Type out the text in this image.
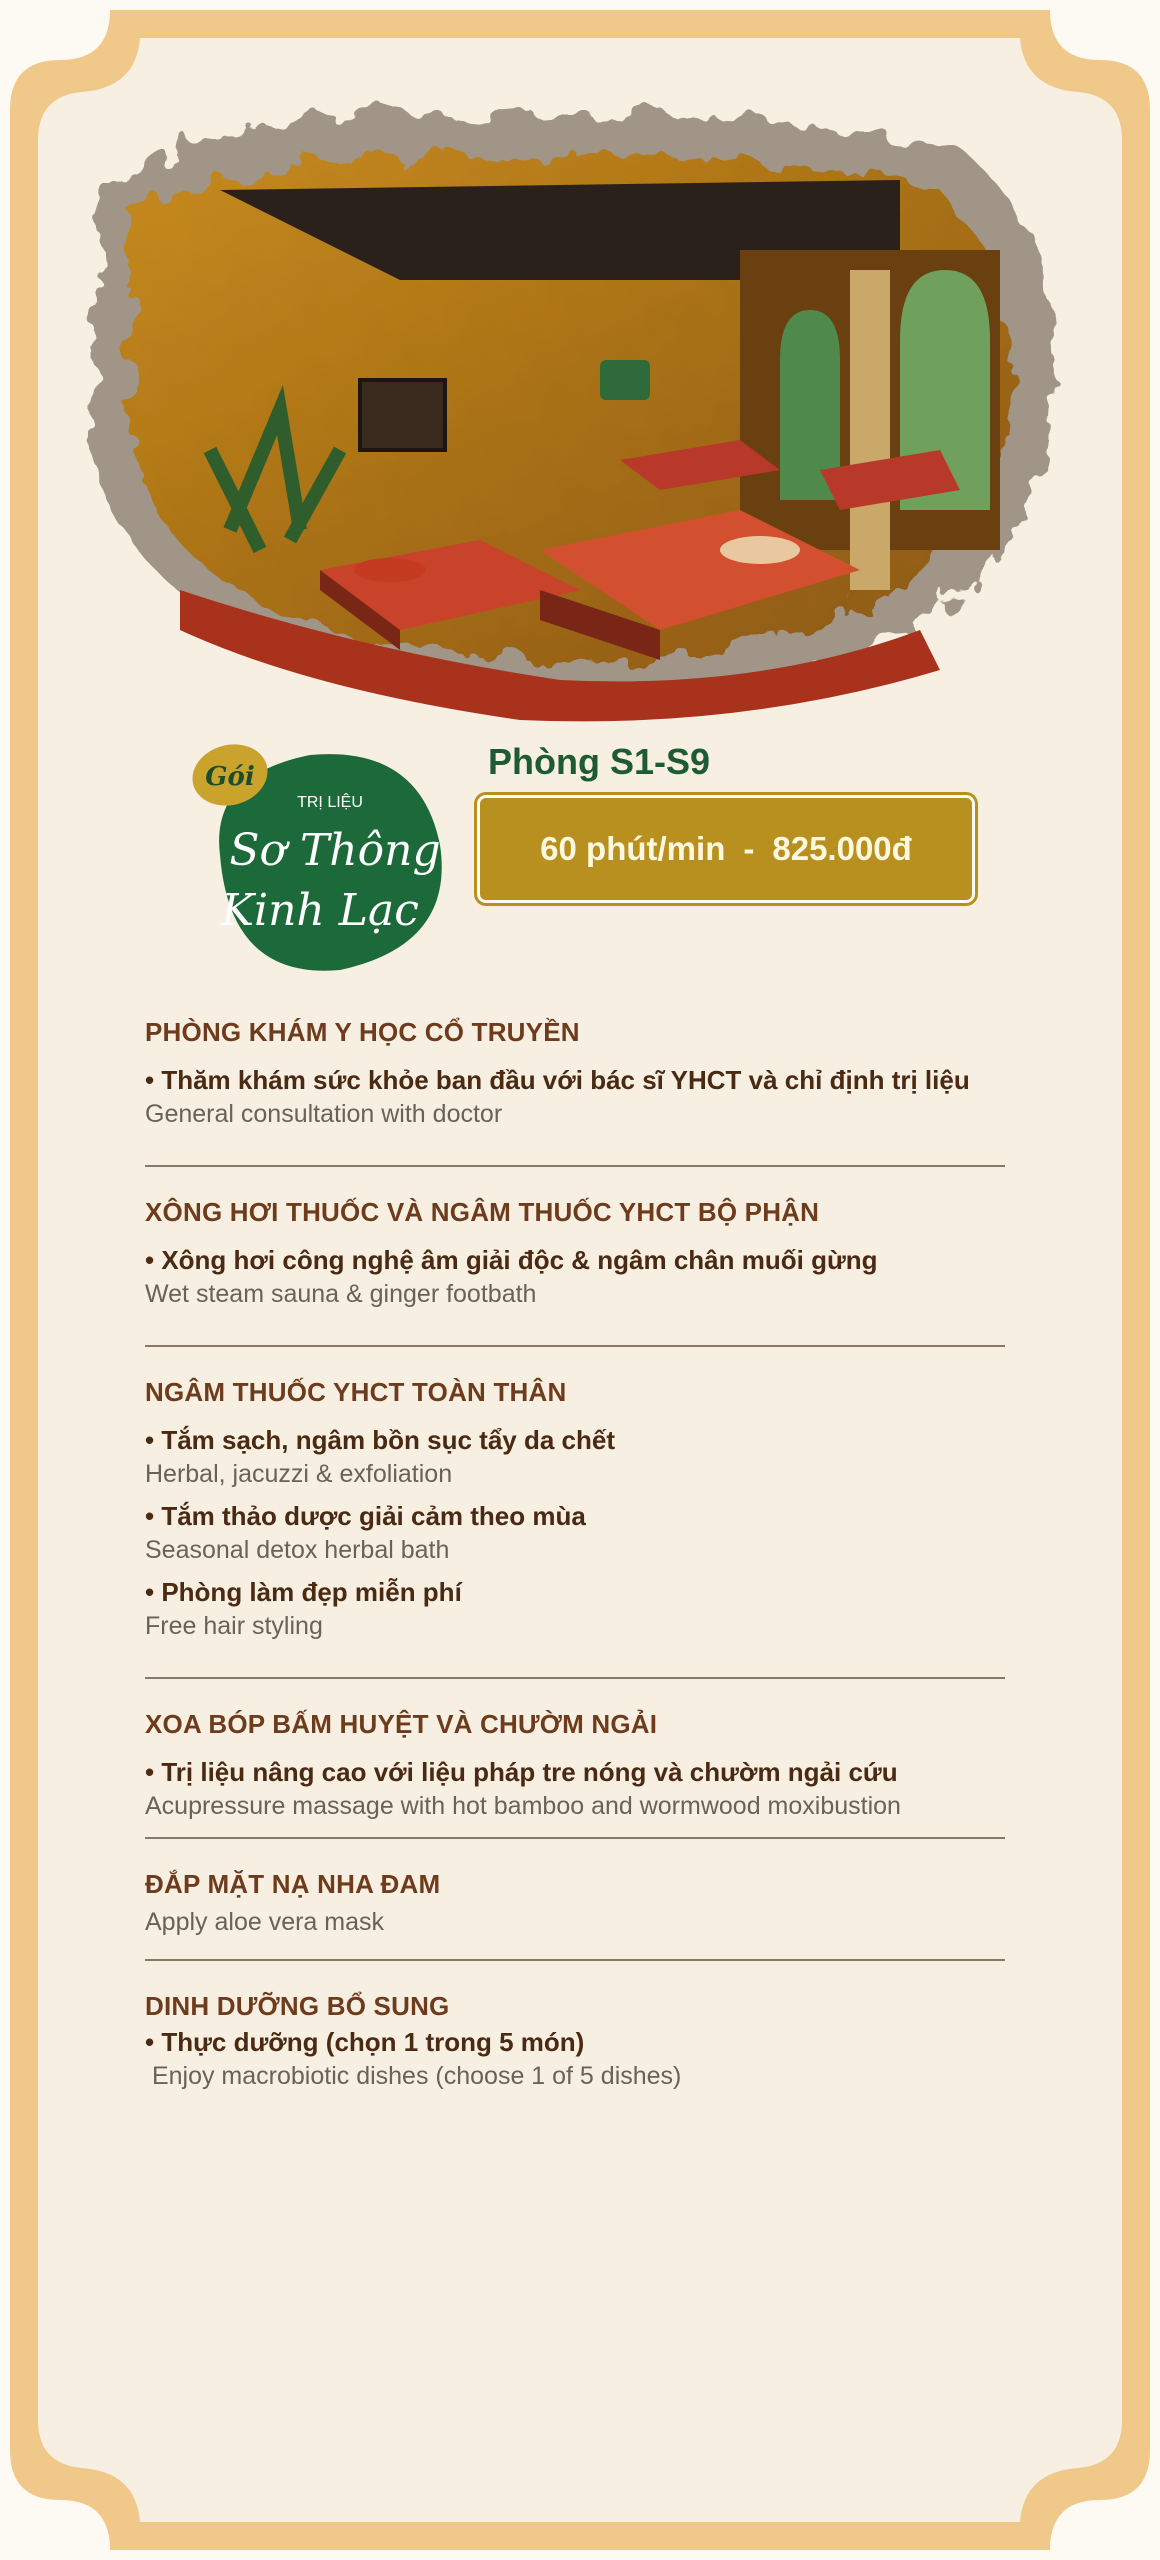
Gói
TRỊ LIỆU
Sơ Thông
Kinh Lạc
Phòng S1-S9
60 phút/min - 825.000đ

PHÒNG KHÁM Y HỌC CỔ TRUYỀN

• Thăm khám sức khỏe ban đầu với bác sĩ YHCT và chỉ định trị liệu

General consultation with doctor

XÔNG HƠI THUỐC VÀ NGÂM THUỐC YHCT BỘ PHẬN

• Xông hơi công nghệ âm giải độc & ngâm chân muối gừng

Wet steam sauna & ginger footbath

NGÂM THUỐC YHCT TOÀN THÂN

• Tắm sạch, ngâm bồn sục tẩy da chết

Herbal, jacuzzi & exfoliation

• Tắm thảo dược giải cảm theo mùa

Seasonal detox herbal bath

• Phòng làm đẹp miễn phí

Free hair styling

XOA BÓP BẤM HUYỆT VÀ CHƯỜM NGẢI

• Trị liệu nâng cao với liệu pháp tre nóng và chườm ngải cứu

Acupressure massage with hot bamboo and wormwood moxibustion

ĐẮP MẶT NẠ NHA ĐAM

Apply aloe vera mask

DINH DƯỠNG BỔ SUNG

• Thực dưỡng (chọn 1 trong 5 món)

Enjoy macrobiotic dishes (choose 1 of 5 dishes)
